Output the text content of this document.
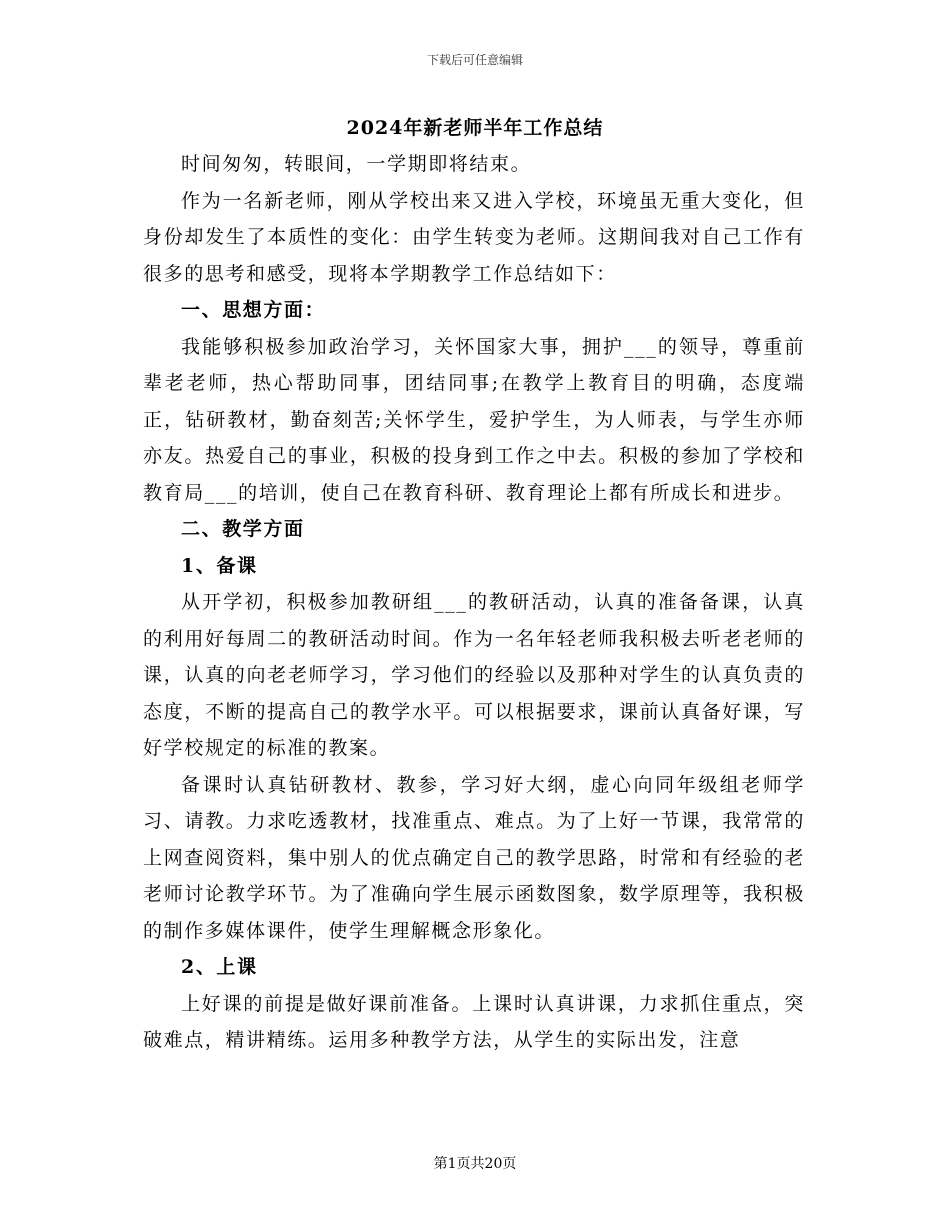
下载后可任意编辑
2024年新老师半年工作总结

时间匆匆，转眼间，一学期即将结束。

作为一名新老师，刚从学校出来又进入学校，环境虽无重大变化，但身份却发生了本质性的变化：由学生转变为老师。这期间我对自己工作有很多的思考和感受，现将本学期教学工作总结如下：

一、思想方面：

我能够积极参加政治学习，关怀国家大事，拥护___的领导，尊重前辈老老师，热心帮助同事，团结同事;在教学上教育目的明确，态度端正，钻研教材，勤奋刻苦;关怀学生，爱护学生，为人师表，与学生亦师亦友。热爱自己的事业，积极的投身到工作之中去。积极的参加了学校和教育局___的培训，使自己在教育科研、教育理论上都有所成长和进步。

二、教学方面

1、备课

从开学初，积极参加教研组___的教研活动，认真的准备备课，认真的利用好每周二的教研活动时间。作为一名年轻老师我积极去听老老师的课，认真的向老老师学习，学习他们的经验以及那种对学生的认真负责的态度，不断的提高自己的教学水平。可以根据要求，课前认真备好课，写好学校规定的标准的教案。

备课时认真钻研教材、教参，学习好大纲，虚心向同年级组老师学习、请教。力求吃透教材，找准重点、难点。为了上好一节课，我常常的上网查阅资料，集中别人的优点确定自己的教学思路，时常和有经验的老老师讨论教学环节。为了准确向学生展示函数图象，数学原理等，我积极的制作多媒体课件，使学生理解概念形象化。

2、上课

上好课的前提是做好课前准备。上课时认真讲课，力求抓住重点，突破难点，精讲精练。运用多种教学方法，从学生的实际出发，注意

第1页共20页
